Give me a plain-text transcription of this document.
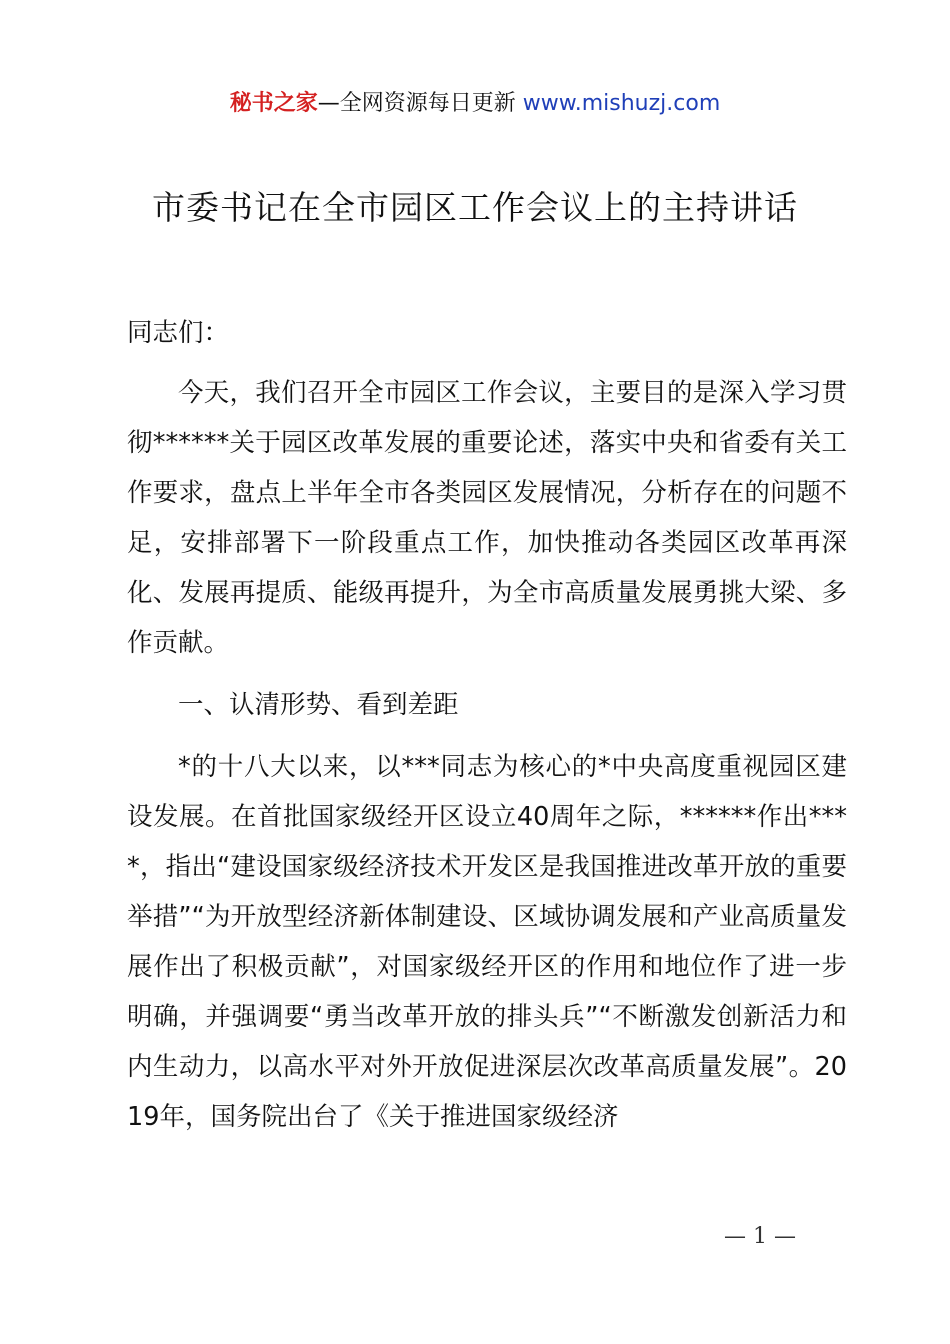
秘书之家—全网资源每日更新 www.mishuzj.com
市委书记在全市园区工作会议上的主持讲话

同志们：

今天，我们召开全市园区工作会议，主要目的是深入学习贯彻******关于园区改革发展的重要论述，落实中央和省委有关工作要求，盘点上半年全市各类园区发展情况，分析存在的问题不足，安排部署下一阶段重点工作，加快推动各类园区改革再深化、发展再提质、能级再提升，为全市高质量发展勇挑大梁、多作贡献。

一、认清形势、看到差距

*的十八大以来，以***同志为核心的*中央高度重视园区建设发展。在首批国家级经开区设立40周年之际，******作出****，指出“建设国家级经济技术开发区是我国推进改革开放的重要举措”“为开放型经济新体制建设、区域协调发展和产业高质量发展作出了积极贡献”，对国家级经开区的作用和地位作了进一步明确，并强调要“勇当改革开放的排头兵”“不断激发创新活力和内生动力，以高水平对外开放促进深层次改革高质量发展”。2019年，国务院出台了《关于推进国家级经济

— 1 —
